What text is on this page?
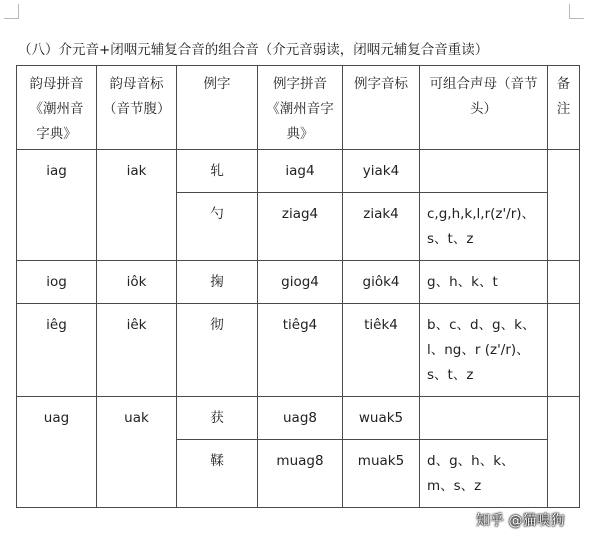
（八）介元音+闭咽元辅复合音的组合音（介元音弱读，闭咽元辅复合音重读）
韵母拼音《潮州音字典》	韵母音标（音节腹）	例字	例字拼音《潮州音字典》	例字音标	可组合声母（音节头）	备注
iag	iak	轧	iag4	yiak4		
		勺	ziag4	ziak4	c,g,h,k,l,r(z'/r)、s、t、z	
iog	iôk	掬	giog4	giôk4	g、h、k、t	
iêg	iêk	彻	tiêg4	tiêk4	b、c、d、g、k、l、ng、r (z'/r)、s、t、z	
uag	uak	获	uag8	wuak5		
		鞣	muag8	muak5	d、g、h、k、m、s、z	
知乎 @猫嗅狗
